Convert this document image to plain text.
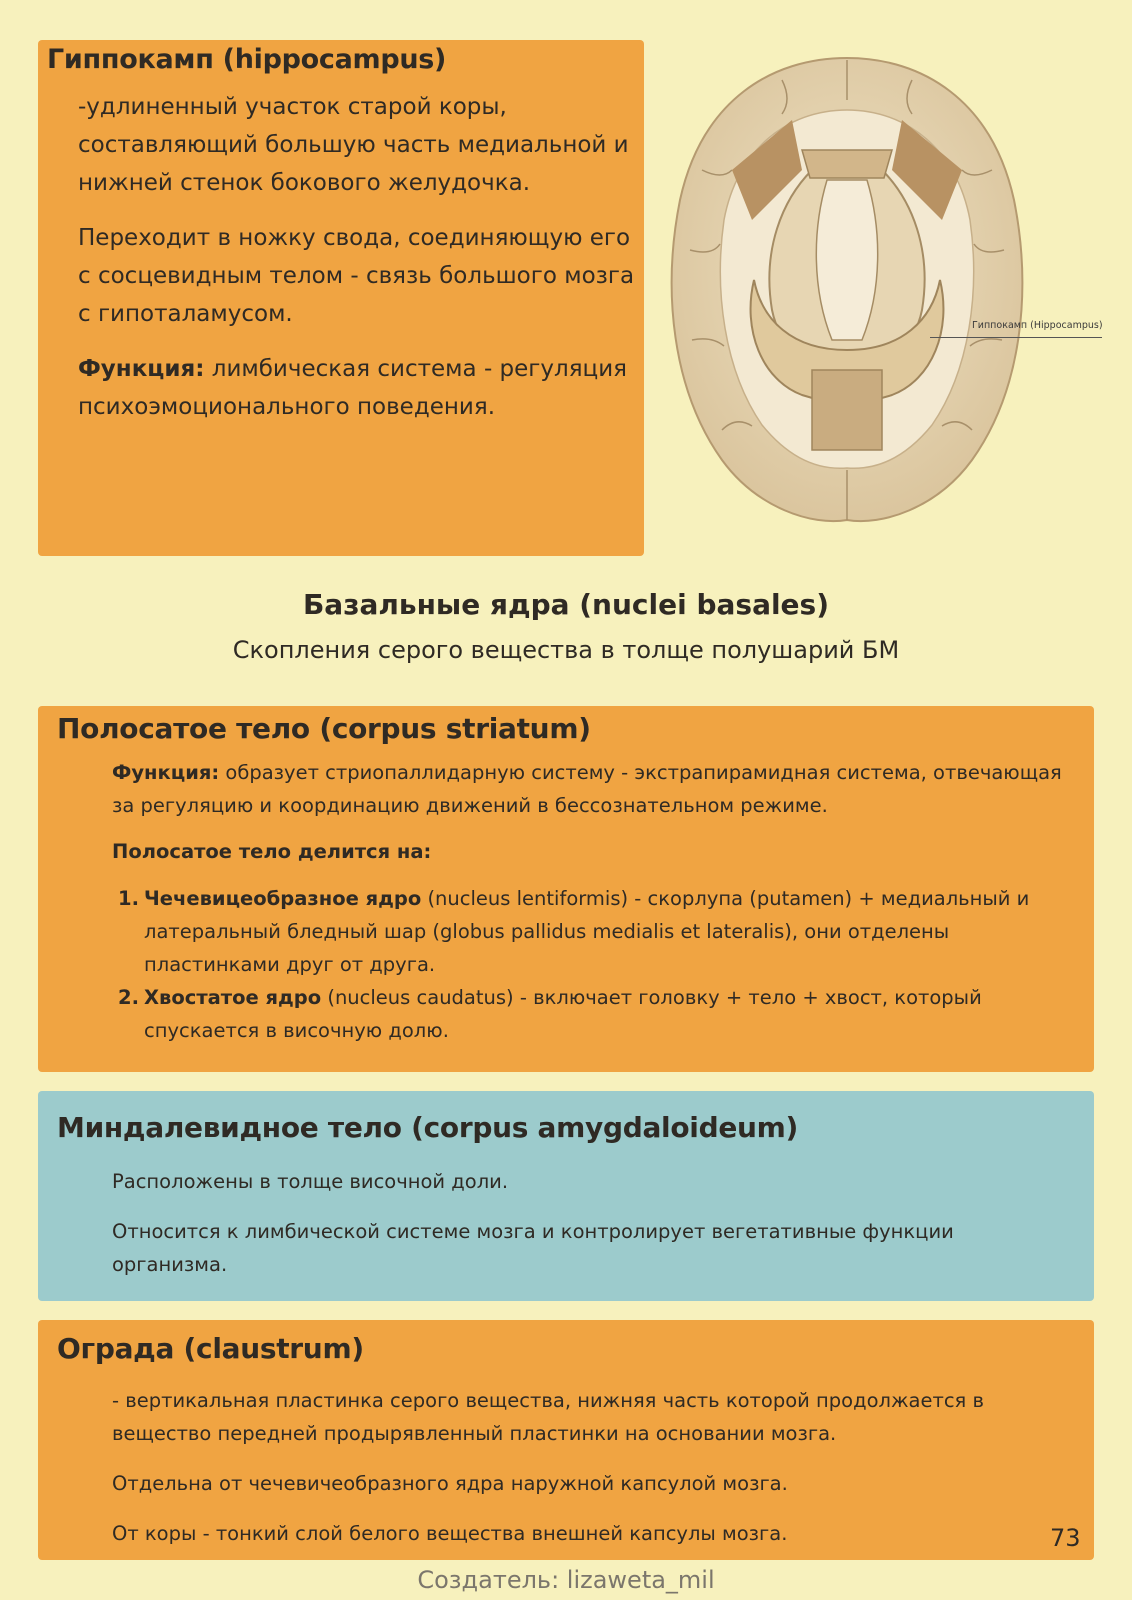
Гиппокамп (hippocampus)

-удлиненный участок старой коры, составляющий большую часть медиальной и нижней стенок бокового желудочка.

Переходит в ножку свода, соединяющую его с сосцевидным телом - связь большого мозга с гипоталамусом.

Функция: лимбическая система - регуляция психоэмоционального поведения.

Гиппокамп (Hippocampus)
Базальные ядра (nuclei basales)
Скопления серого вещества в толще полушарий БМ
Полосатое тело (corpus striatum)

Функция: образует стриопаллидарную систему - экстрапирамидная система, отвечающая за регуляцию и координацию движений в бессознательном режиме.

Полосатое тело делится на:

1. Чечевицеобразное ядро (nucleus lentiformis) - скорлупа (putamen) + медиальный и латеральный бледный шар (globus pallidus medialis et lateralis), они отделены пластинками друг от друга.
2. Хвостатое ядро (nucleus caudatus) - включает головку + тело + хвост, который спускается в височную долю.
Миндалевидное тело (corpus amygdaloideum)

Расположены в толще височной доли.

Относится к лимбической системе мозга и контролирует вегетативные функции организма.

Ограда (claustrum)

- вертикальная пластинка серого вещества, нижняя часть которой продолжается в вещество передней продырявленный пластинки на основании мозга.

Отдельна от чечевичеобразного ядра наружной капсулой мозга.

От коры - тонкий слой белого вещества внешней капсулы мозга.	73
Создатель: lizaweta_mil
